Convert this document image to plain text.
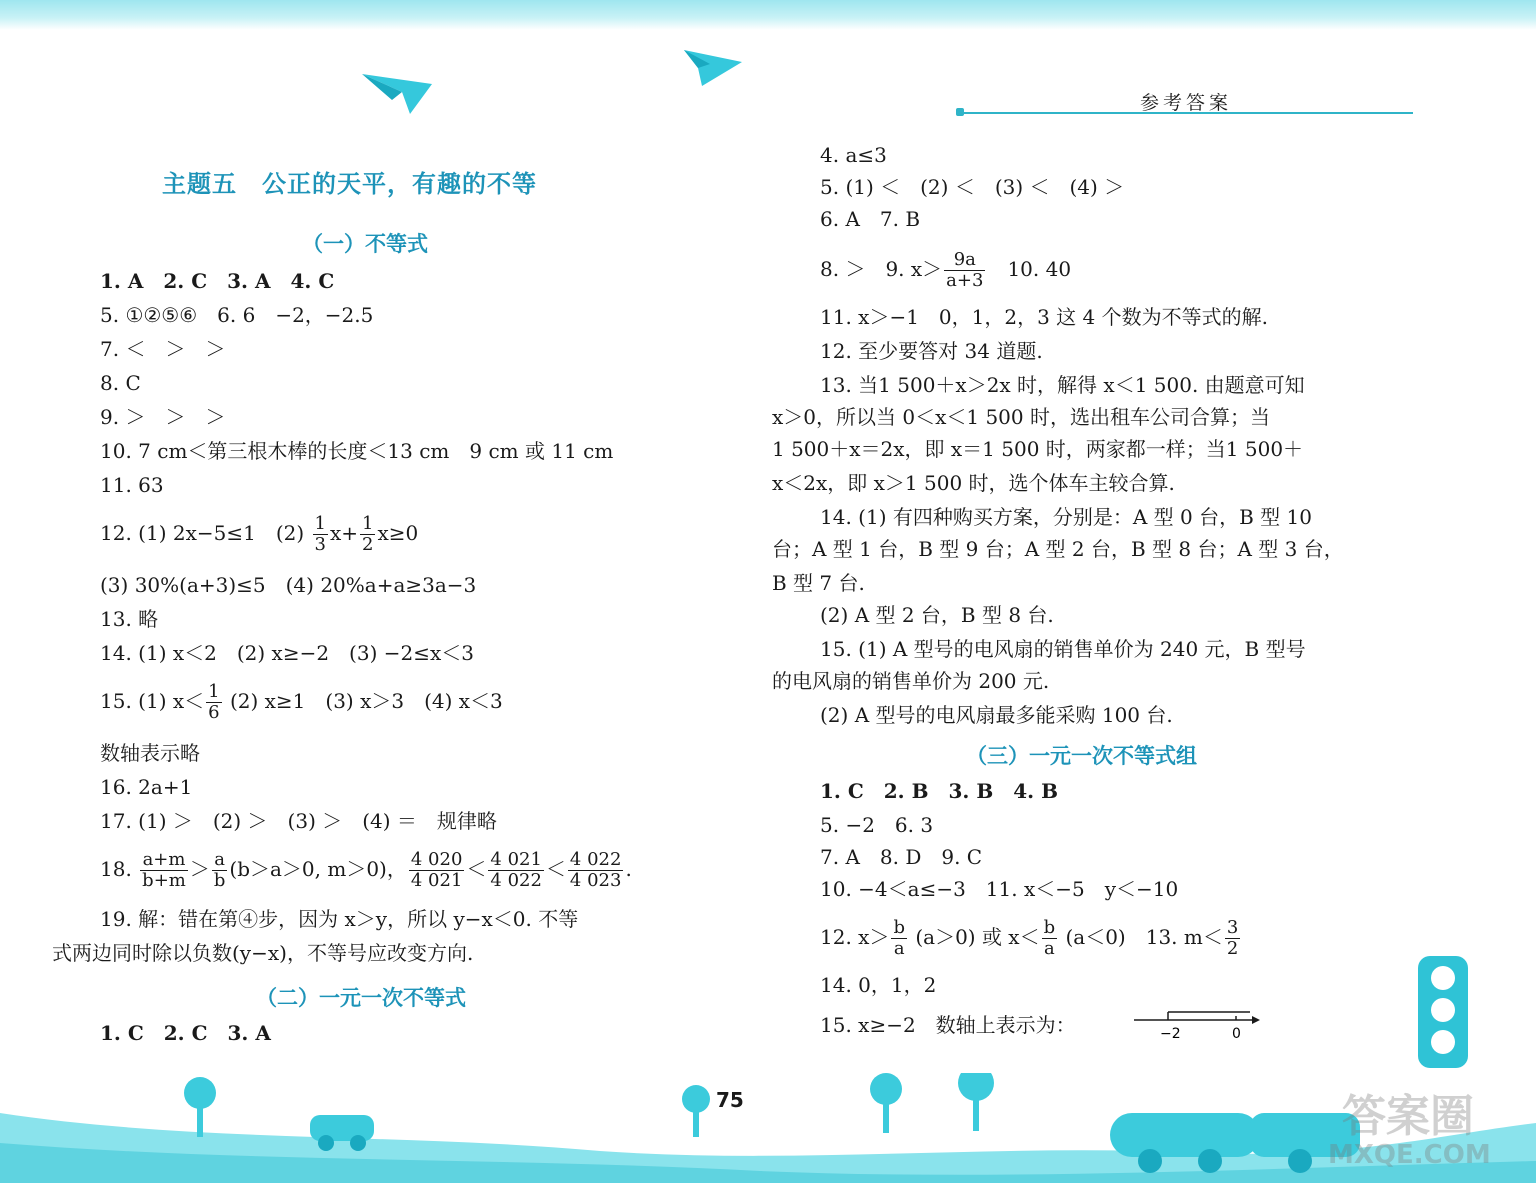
参考答案
主题五　公正的天平，有趣的不等
（一）不等式
1. A　2. C　3. A　4. C
5. ①②⑤⑥　6. 6　−2，−2.5
7. ＜　＞　＞
8. C
9. ＞　＞　＞
10. 7 cm＜第三根木棒的长度＜13 cm　9 cm 或 11 cm
11. 63
12. (1) 2x−5≤1　$(2) \frac{1}{3} x+ \frac{1}{2} x\ge 0$
(3) 30%(a+3)≤5　(4) 20%a+a≥3a−3
13. 略
14. (1) x＜2　(2) x≥−2　(3) −2≤x＜3
15. (1) $x< \frac{1}{6} (2)$ x≥1　(3) x＞3　(4) x＜3
数轴表示略
16. 2a+1
17. (1) ＞　(2) ＞　(3) ＞　(4) ＝　规律略
18. $\frac{a+m}{b+m} > \frac{a}{b} (b>a>0$, m＞0)， $\frac{4 020}{4 021} < \frac{4 021}{4 022} < \frac{4 022}{4 023}$ .
19. 解：错在第④步，因为 x＞y，所以 y−x＜0. 不等
式两边同时除以负数(y−x)，不等号应改变方向.
（二）一元一次不等式
1. C　2. C　3. A
4. a≤3
5. (1) ＜　(2) ＜　(3) ＜　(4) ＞
6. A　7. B
8. ＞　9. $x> \frac{9a}{a+3}$
　 10. 40
11. x＞−1　0，1，2，3 这 4 个数为不等式的解.
12. 至少要答对 34 道题.
13. 当1 500＋x＞2x 时，解得 x＜1 500. 由题意可知
x＞0，所以当 0＜x＜1 500 时，选出租车公司合算；当
1 500＋x＝2x，即 x＝1 500 时，两家都一样；当1 500＋
x＜2x，即 x＞1 500 时，选个体车主较合算.
14. (1) 有四种购买方案，分别是：A 型 0 台，B 型 10
台；A 型 1 台，B 型 9 台；A 型 2 台，B 型 8 台；A 型 3 台，
B 型 7 台.
(2) A 型 2 台，B 型 8 台.
15. (1) A 型号的电风扇的销售单价为 240 元，B 型号
的电风扇的销售单价为 200 元.
(2) A 型号的电风扇最多能采购 100 台.
（三）一元一次不等式组
1. C　2. B　3. B　4. B
5. −2　6. 3
7. A　8. D　9. C
10. −4＜a≤−3　11. x＜−5　y＜−10
12. $x> \frac{b}{a} (a>0)$ 或 $x< \frac{b}{a} (a<0)$　13. $m< \frac{3}{2}$
14. 0，1，2
15. x≥−2　数轴上表示为：	−2	0
75	答案圈
MXQE.COM
